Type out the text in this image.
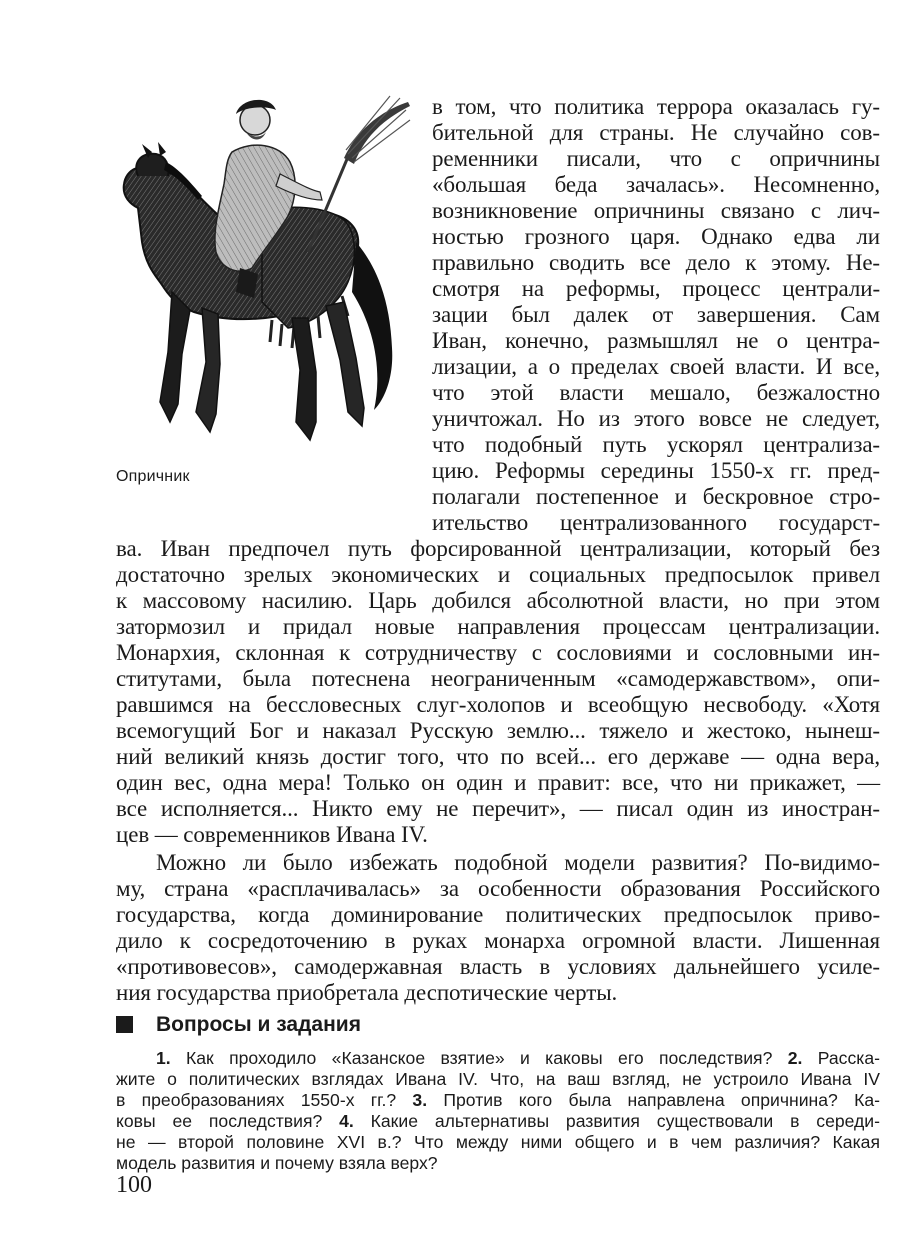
Опричник
в том, что политика террора оказалась гу-
бительной для страны. Не случайно сов-
ременники писали, что с опричнины
«большая беда зачалась». Несомненно,
возникновение опричнины связано с лич-
ностью грозного царя. Однако едва ли
правильно сводить все дело к этому. Не-
смотря на реформы, процесс централи-
зации был далек от завершения. Сам
Иван, конечно, размышлял не о центра-
лизации, а о пределах своей власти. И все,
что этой власти мешало, безжалостно
уничтожал. Но из этого вовсе не следует,
что подобный путь ускорял централиза-
цию. Реформы середины 1550-х гг. пред-
полагали постепенное и бескровное стро-
ительство централизованного государст-
ва. Иван предпочел путь форсированной централизации, который без
достаточно зрелых экономических и социальных предпосылок привел
к массовому насилию. Царь добился абсолютной власти, но при этом
затормозил и придал новые направления процессам централизации.
Монархия, склонная к сотрудничеству с сословиями и сословными ин-
ститутами, была потеснена неограниченным «самодержавством», опи-
равшимся на бессловесных слуг-холопов и всеобщую несвободу. «Хотя
всемогущий Бог и наказал Русскую землю... тяжело и жестоко, нынеш-
ний великий князь достиг того, что по всей... его державе — одна вера,
один вес, одна мера! Только он один и правит: все, что ни прикажет, —
все исполняется... Никто ему не перечит», — писал один из иностран-
цев — современников Ивана IV.
Можно ли было избежать подобной модели развития? По-видимо-
му, страна «расплачивалась» за особенности образования Российского
государства, когда доминирование политических предпосылок приво-
дило к сосредоточению в руках монарха огромной власти. Лишенная
«противовесов», самодержавная власть в условиях дальнейшего усиле-
ния государства приобретала деспотические черты.
Вопросы и задания
1. Как проходило «Казанское взятие» и каковы его последствия? 2. Расска-
жите о политических взглядах Ивана IV. Что, на ваш взгляд, не устроило Ивана IV
в преобразованиях 1550-х гг.? 3. Против кого была направлена опричнина? Ка-
ковы ее последствия? 4. Какие альтернативы развития существовали в середи-
не — второй половине XVI в.? Что между ними общего и в чем различия? Какая
модель развития и почему взяла верх?
100
